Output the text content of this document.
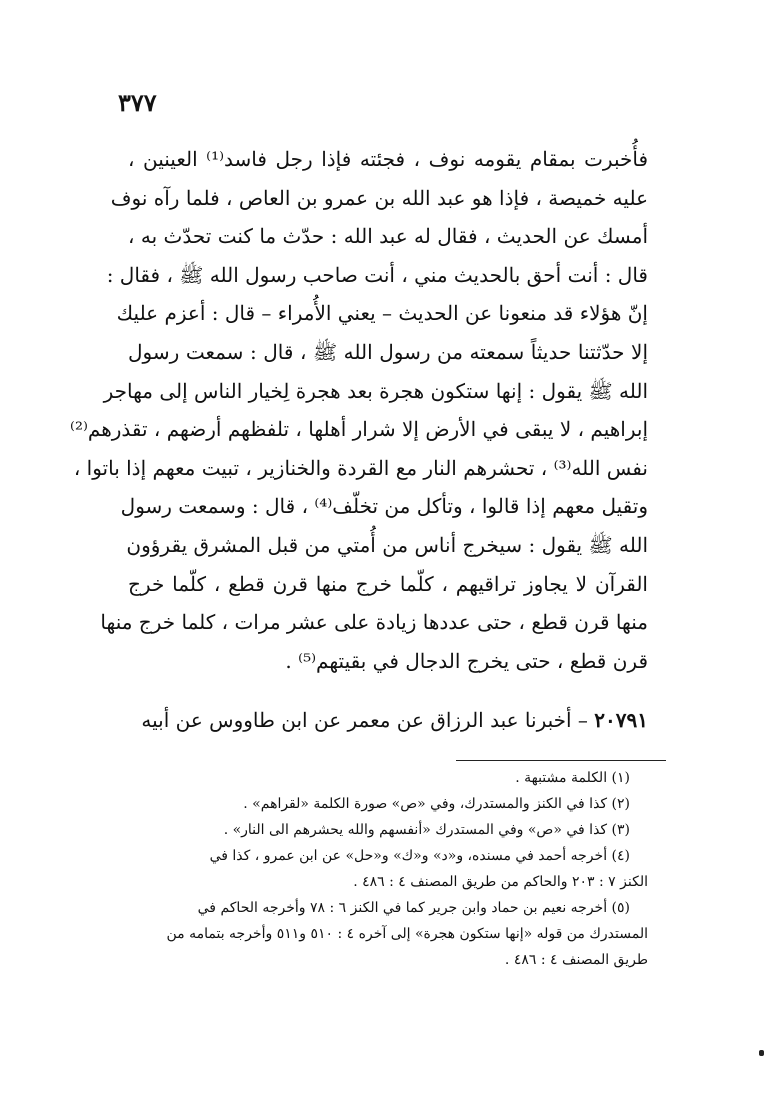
٣٧٧
فأُخبرت بمقام يقومه نوف ، فجئته فإذا رجل فاسد⁽¹⁾ العينين ،
عليه خميصة ، فإذا هو عبد الله بن عمرو بن العاص ، فلما رآه نوف
أمسك عن الحديث ، فقال له عبد الله : حدّث ما كنت تحدّث به ،
قال : أنت أحق بالحديث مني ، أنت صاحب رسول الله ﷺ ، فقال :
إنّ هؤلاء قد منعونا عن الحديث – يعني الأُمراء – قال : أعزم عليك
إلا حدّثتنا حديثاً سمعته من رسول الله ﷺ ، قال : سمعت رسول
الله ﷺ يقول : إنها ستكون هجرة بعد هجرة لِخيار الناس إلى مهاجر
إبراهيم ، لا يبقى في الأرض إلا شرار أهلها ، تلفظهم أرضهم ، تقذرهم⁽²⁾
نفس الله⁽³⁾ ، تحشرهم النار مع القردة والخنازير ، تبيت معهم إذا باتوا ،
وتقيل معهم إذا قالوا ، وتأكل من تخلّف⁽⁴⁾ ، قال : وسمعت رسول
الله ﷺ يقول : سيخرج أناس من أُمتي من قبل المشرق يقرؤون
القرآن لا يجاوز تراقيهم ، كلّما خرج منها قرن قطع ، كلّما خرج
منها قرن قطع ، حتى عددها زيادة على عشر مرات ، كلما خرج منها
قرن قطع ، حتى يخرج الدجال في بقيتهم⁽⁵⁾ .
٢٠٧٩١ – أخبرنا عبد الرزاق عن معمر عن ابن طاووس عن أبيه
(١) الكلمة مشتبهة .
(٢) كذا في الكنز والمستدرك، وفي «ص» صورة الكلمة «لقراهم» .
(٣) كذا في «ص» وفي المستدرك «أنفسهم والله يحشرهم الى النار» .
(٤) أخرجه أحمد في مسنده، و«د» و«ك» و«حل» عن ابن عمرو ، كذا في
الكنز ٧ : ٢٠٣ والحاكم من طريق المصنف ٤ : ٤٨٦ .
(٥) أخرجه نعيم بن حماد وابن جرير كما في الكنز ٦ : ٧٨ وأخرجه الحاكم في
المستدرك من قوله «إنها ستكون هجرة» إلى آخره ٤ : ٥١٠ و٥١١ وأخرجه بتمامه من
طريق المصنف ٤ : ٤٨٦ .
